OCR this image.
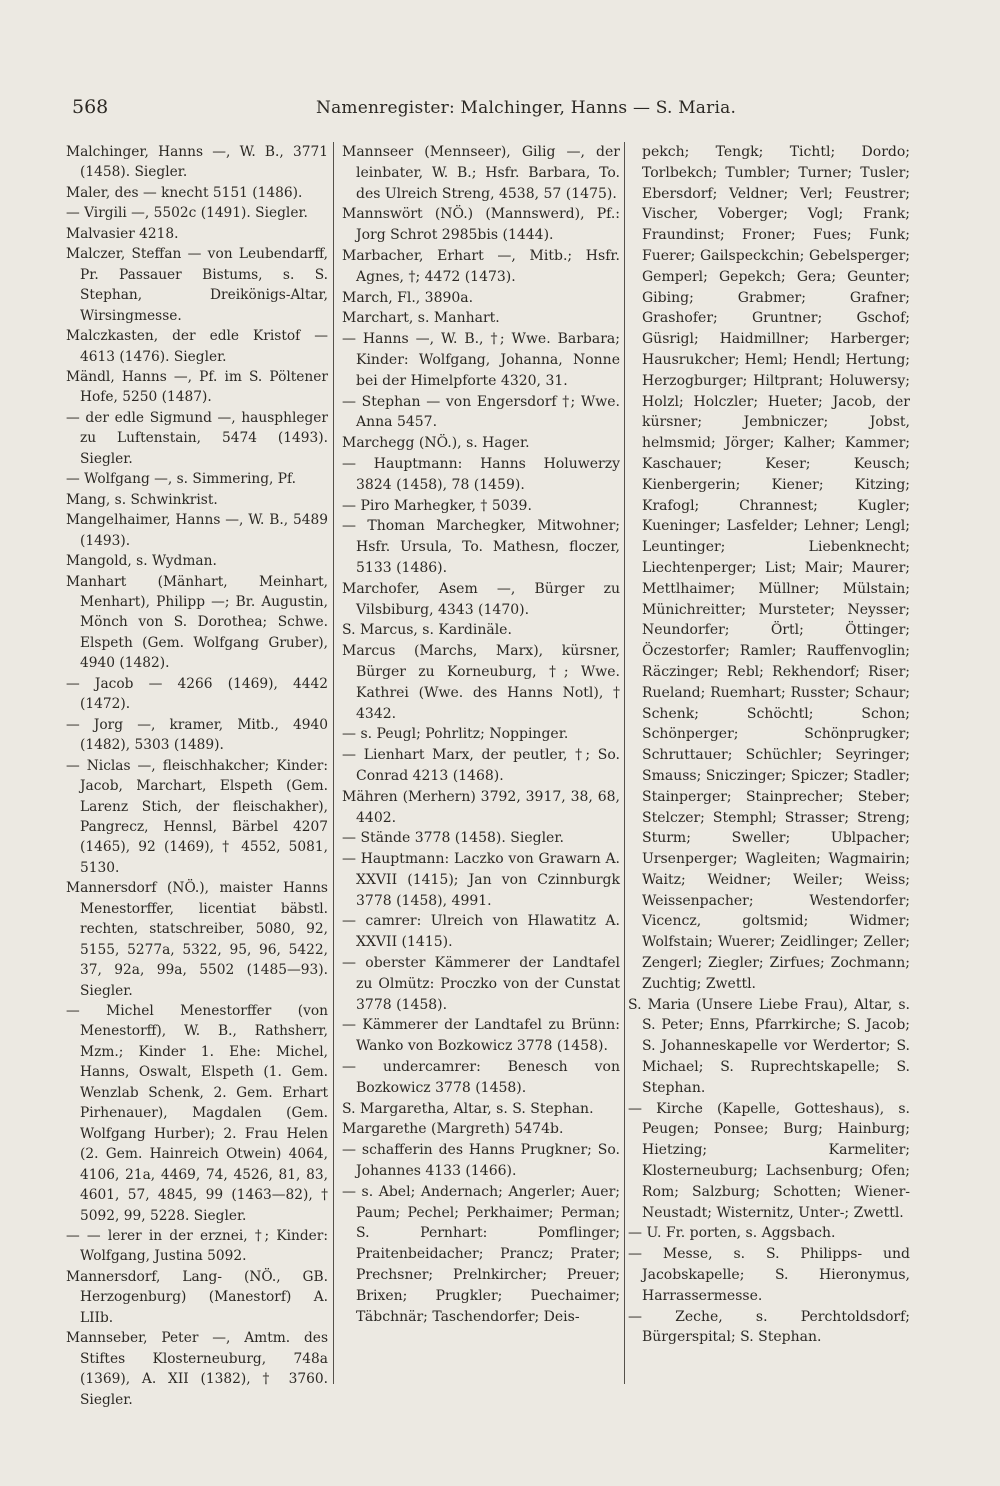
568	Namenregister: Malchinger, Hanns — S. Maria.

Malchinger, Hanns —, W. B., 3771 (1458). Siegler.

Maler, des — knecht 5151 (1486).

— Virgili —, 5502c (1491). Siegler.

Malvasier 4218.

Malczer, Steffan — von Leubendarff, Pr. Passauer Bistums, s. S. Stephan, Dreikönigs-Altar, Wirsingmesse.

Malczkasten, der edle Kristof — 4613 (1476). Siegler.

Mändl, Hanns —, Pf. im S. Pöltener Hofe, 5250 (1487).

— der edle Sigmund —, hausphleger zu Luftenstain, 5474 (1493). Siegler.

— Wolfgang —, s. Simmering, Pf.

Mang, s. Schwinkrist.

Mangelhaimer, Hanns —, W. B., 5489 (1493).

Mangold, s. Wydman.

Manhart (Mänhart, Meinhart, Menhart), Philipp —; Br. Augustin, Mönch von S. Dorothea; Schwe. Elspeth (Gem. Wolfgang Gruber), 4940 (1482).

— Jacob — 4266 (1469), 4442 (1472).

— Jorg —, kramer, Mitb., 4940 (1482), 5303 (1489).

— Niclas —, fleischhakcher; Kinder: Jacob, Marchart, Elspeth (Gem. Larenz Stich, der fleischakher), Pangrecz, Hennsl, Bärbel 4207 (1465), 92 (1469), † 4552, 5081, 5130.

Mannersdorf (NÖ.), maister Hanns Menestorffer, licentiat bäbstl. rechten, statschreiber, 5080, 92, 5155, 5277a, 5322, 95, 96, 5422, 37, 92a, 99a, 5502 (1485—93). Siegler.

— Michel Menestorffer (von Menestorff), W. B., Rathsherr, Mzm.; Kinder 1. Ehe: Michel, Hanns, Oswalt, Elspeth (1. Gem. Wenzlab Schenk, 2. Gem. Erhart Pirhenauer), Magdalen (Gem. Wolfgang Hurber); 2. Frau Helen (2. Gem. Hainreich Otwein) 4064, 4106, 21a, 4469, 74, 4526, 81, 83, 4601, 57, 4845, 99 (1463—82), † 5092, 99, 5228. Siegler.

— — lerer in der erznei, †; Kinder: Wolfgang, Justina 5092.

Mannersdorf, Lang- (NÖ., GB. Herzogenburg) (Manestorf) A. LIIb.

Mannseber, Peter —, Amtm. des Stiftes Klosterneuburg, 748a (1369), A. XII (1382), † 3760. Siegler.

Mannseer (Mennseer), Gilig —, der leinbater, W. B.; Hsfr. Barbara, To. des Ulreich Streng, 4538, 57 (1475).

Mannswört (NÖ.) (Mannswerd), Pf.: Jorg Schrot 2985bis (1444).

Marbacher, Erhart —, Mitb.; Hsfr. Agnes, †; 4472 (1473).

March, Fl., 3890a.

Marchart, s. Manhart.

— Hanns —, W. B., †; Wwe. Barbara; Kinder: Wolfgang, Johanna, Nonne bei der Himelpforte 4320, 31.

— Stephan — von Engersdorf †; Wwe. Anna 5457.

Marchegg (NÖ.), s. Hager.

— Hauptmann: Hanns Holuwerzy 3824 (1458), 78 (1459).

— Piro Marhegker, † 5039.

— Thoman Marchegker, Mitwohner; Hsfr. Ursula, To. Mathesn, floczer, 5133 (1486).

Marchofer, Asem —, Bürger zu Vilsbiburg, 4343 (1470).

S. Marcus, s. Kardinäle.

Marcus (Marchs, Marx), kürsner, Bürger zu Korneuburg, †; Wwe. Kathrei (Wwe. des Hanns Notl), † 4342.

— s. Peugl; Pohrlitz; Noppinger.

— Lienhart Marx, der peutler, †; So. Conrad 4213 (1468).

Mähren (Merhern) 3792, 3917, 38, 68, 4402.

— Stände 3778 (1458). Siegler.

— Hauptmann: Laczko von Grawarn A. XXVII (1415); Jan von Czinnburgk 3778 (1458), 4991.

— camrer: Ulreich von Hlawatitz A. XXVII (1415).

— oberster Kämmerer der Landtafel zu Olmütz: Proczko von der Cunstat 3778 (1458).

— Kämmerer der Landtafel zu Brünn: Wanko von Bozkowicz 3778 (1458).

— undercamrer: Benesch von Bozkowicz 3778 (1458).

S. Margaretha, Altar, s. S. Stephan.

Margarethe (Margreth) 5474b.

— schafferin des Hanns Prugkner; So. Johannes 4133 (1466).

— s. Abel; Andernach; Angerler; Auer; Paum; Pechel; Perkhaimer; Perman; S. Pernhart: Pomflinger; Praitenbeidacher; Prancz; Prater; Prechsner; Prelnkircher; Preuer; Brixen; Prugkler; Puechaimer; Täbchnär; Taschendorfer; Deis-

pekch; Tengk; Tichtl; Dordo; Torlbekch; Tumbler; Turner; Tusler; Ebersdorf; Veldner; Verl; Feustrer; Vischer, Voberger; Vogl; Frank; Fraundinst; Froner; Fues; Funk; Fuerer; Gailspeckchin; Gebelsperger; Gemperl; Gepekch; Gera; Geunter; Gibing; Grabmer; Grafner; Grashofer; Gruntner; Gschof; Güsrigl; Haidmillner; Harberger; Hausrukcher; Heml; Hendl; Hertung; Herzogburger; Hiltprant; Holuwersy; Holzl; Holczler; Hueter; Jacob, der kürsner; Jembniczer; Jobst, helmsmid; Jörger; Kalher; Kammer; Kaschauer; Keser; Keusch; Kienbergerin; Kiener; Kitzing; Krafogl; Chrannest; Kugler; Kueninger; Lasfelder; Lehner; Lengl; Leuntinger; Liebenknecht; Liechtenperger; List; Mair; Maurer; Mettlhaimer; Müllner; Mülstain; Münichreitter; Mursteter; Neysser; Neundorfer; Örtl; Öttinger; Öczestorfer; Ramler; Rauffenvoglin; Räczinger; Rebl; Rekhendorf; Riser; Rueland; Ruemhart; Russter; Schaur; Schenk; Schöchtl; Schon; Schönperger; Schönprugker; Schruttauer; Schüchler; Seyringer; Smauss; Sniczinger; Spiczer; Stadler; Stainperger; Stainprecher; Steber; Stelczer; Stemphl; Strasser; Streng; Sturm; Sweller; Ublpacher; Ursenperger; Wagleiten; Wagmairin; Waitz; Weidner; Weiler; Weiss; Weissenpacher; Westendorfer; Vicencz, goltsmid; Widmer; Wolfstain; Wuerer; Zeidlinger; Zeller; Zengerl; Ziegler; Zirfues; Zochmann; Zuchtig; Zwettl.

S. Maria (Unsere Liebe Frau), Altar, s. S. Peter; Enns, Pfarrkirche; S. Jacob; S. Johanneskapelle vor Werdertor; S. Michael; S. Ruprechtskapelle; S. Stephan.

— Kirche (Kapelle, Gotteshaus), s. Peugen; Ponsee; Burg; Hainburg; Hietzing; Karmeliter; Klosterneuburg; Lachsenburg; Ofen; Rom; Salzburg; Schotten; Wiener-Neustadt; Wisternitz, Unter-; Zwettl.

— U. Fr. porten, s. Aggsbach.

— Messe, s. S. Philipps- und Jacobskapelle; S. Hieronymus, Harrassermesse.

— Zeche, s. Perchtoldsdorf; Bürgerspital; S. Stephan.
